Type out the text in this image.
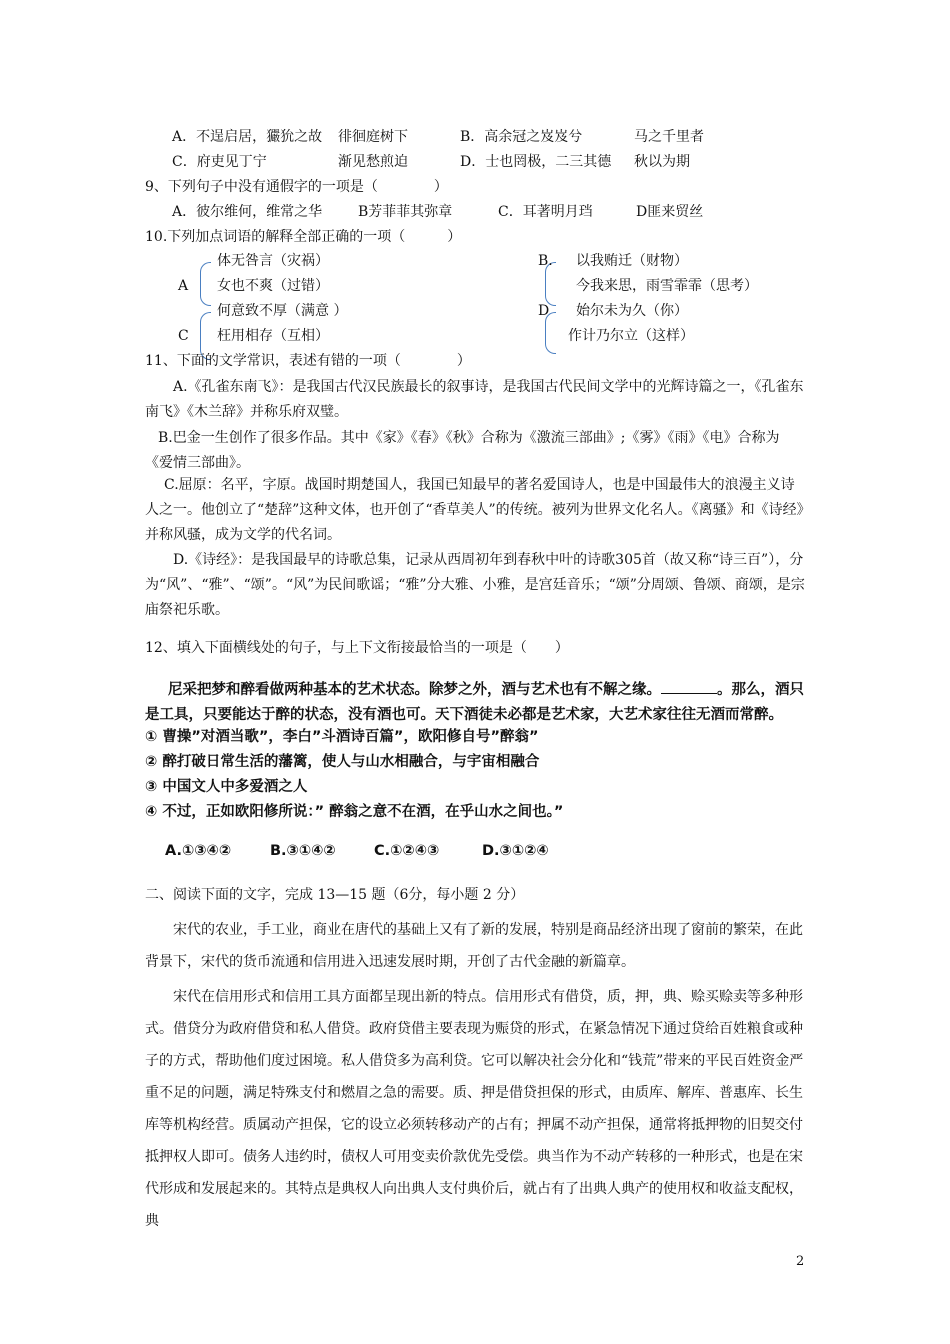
A．不逞启居，玁狁之故 徘徊庭树下	B．高余冠之岌岌兮	马之千里者
C．府吏见丁宁	渐见愁煎迫	D．士也罔极，二三其德 秋以为期
9、下列句子中没有通假字的一项是（　　　　）
A．彼尔维何，维常之华	B芳菲菲其弥章	C．耳著明月珰	D匪来贸丝
10.下列加点词语的解释全部正确的一项（　　　）
A
体无咎言（灾祸）
女也不爽（过错）
B. 以我贿迁（财物）
今我来思，雨雪霏霏（思考）
C
何意致不厚（满意 ）
枉用相存（互相）
D 始尔未为久（你）
作计乃尔立（这样）
11、下面的文学常识，表述有错的一项（　　　　）
A.《孔雀东南飞》：是我国古代汉民族最长的叙事诗，是我国古代民间文学中的光辉诗篇之一，《孔雀东南飞》《木兰辞》并称乐府双璧。
B.巴金一生创作了很多作品。其中《家》《春》《秋》合称为《激流三部曲》;《雾》《雨》《电》合称为《爱情三部曲》。
C.屈原：名平，字原。战国时期楚国人，我国已知最早的著名爱国诗人，也是中国最伟大的浪漫主义诗人之一。他创立了“楚辞”这种文体，也开创了“香草美人”的传统。被列为世界文化名人。《离骚》和《诗经》并称风骚，成为文学的代名词。
D.《诗经》：是我国最早的诗歌总集，记录从西周初年到春秋中叶的诗歌305首（故又称“诗三百”），分为“风”、“雅”、“颂”。“风”为民间歌谣；“雅”分大雅、小雅，是宫廷音乐；“颂”分周颂、鲁颂、商颂，是宗庙祭祀乐歌。
12、填入下面横线处的句子，与上下文衔接最恰当的一项是（　　）
尼采把梦和醉看做两种基本的艺术状态。除梦之外，酒与艺术也有不解之缘。	。那么，酒只是工具，只要能达于醉的状态，没有酒也可。天下酒徒未必都是艺术家，大艺术家往往无酒而常醉。
① 曹操”对酒当歌”，李白”斗酒诗百篇”，欧阳修自号”醉翁”
② 醉打破日常生活的藩篱，使人与山水相融合，与宇宙相融合
③ 中国文人中多爱酒之人
④ 不过，正如欧阳修所说：” 醉翁之意不在酒，在乎山水之间也。”
A.①③④②	B.③①④②	C.①②④③	D.③①②④
二、阅读下面的文字，完成 13—15 题（6分，每小题 2 分）
宋代的农业，手工业，商业在唐代的基础上又有了新的发展，特别是商品经济出现了窗前的繁荣，在此背景下，宋代的货币流通和信用进入迅速发展时期，开创了古代金融的新篇章。
宋代在信用形式和信用工具方面都呈现出新的特点。信用形式有借贷，质，押，典、赊买赊卖等多种形式。借贷分为政府借贷和私人借贷。政府贷借主要表现为赈贷的形式，在紧急情况下通过贷给百姓粮食或种子的方式，帮助他们度过困境。私人借贷多为高利贷。它可以解决社会分化和“钱荒”带来的平民百姓资金严重不足的问题，满足特殊支付和燃眉之急的需要。质、押是借贷担保的形式，由质库、解库、普惠库、长生库等机构经营。质属动产担保，它的设立必须转移动产的占有；押属不动产担保，通常将抵押物的旧契交付抵押权人即可。债务人违约时，债权人可用变卖价款优先受偿。典当作为不动产转移的一种形式，也是在宋代形成和发展起来的。其特点是典权人向出典人支付典价后，就占有了出典人典产的使用权和收益支配权，典
2
